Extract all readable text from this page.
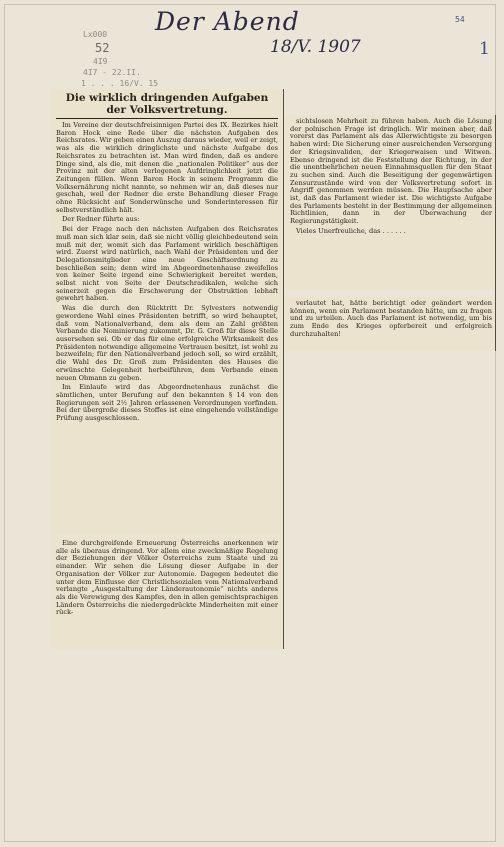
Der Abend
18/V. 1907
Lx000
52
4I9
4I7 - 22.II.
1 . . . 16/V. 15
54
1
Die wirklich dringenden Aufgaben der Volksvertretung.

Im Vereine der deutschfreisinnigen Partei des IX. Bezirkes hielt Baron Hock eine Rede über die nächsten Aufgaben des Reichsrates. Wir geben einen Auszug daraus wieder, weil er zeigt, was als die wirklich dringlichste und nächste Aufgabe des Reichsrates zu betrachten ist. Man wird finden, daß es andere Dinge sind, als die, mit denen die „nationalen Politiker“ aus der Provinz mit der alten verlogenen Aufdringlichkeit jetzt die Zeitungen füllen. Wenn Baron Hock in seinem Programm die Volksernährung nicht nannte, so nehmen wir an, daß dieses nur geschah, weil der Redner die erste Behandlung dieser Frage ohne Rücksicht auf Sonderwünsche und Sonderinteressen für selbstverständlich hält.

Der Redner führte aus:

Bei der Frage nach den nächsten Aufgaben des Reichsrates muß man sich klar sein, daß sie nicht völlig gleichbedeutend sein muß mit der, womit sich das Parlament wirklich beschäftigen wird. Zuerst wird natürlich, nach Wahl der Präsidenten und der Delegationsmitglieder eine neue Geschäftsordnung zu beschließen sein; denn wird im Abgeordnetenhause zweifellos von keiner Seite irgend eine Schwierigkeit bereitet werden, selbst nicht von Seite der Deutschradikalen, welche sich seinerzeit gegen die Erschwerung der Obstruktion lebhaft gewehrt haben.

Was die durch den Rücktritt Dr. Sylvesters notwendig gewordene Wahl eines Präsidenten betrifft, so wird behauptet, daß vom Nationalverband, dem als dem an Zahl größten Verbande die Nominierung zukommt, Dr. G. Groß für diese Stelle ausersehen sei. Ob er das für eine erfolgreiche Wirksamkeit des Präsidenten notwendige allgemeine Vertrauen besitzt, ist wohl zu bezweifeln; für den Nationalverband jedoch soll, so wird erzählt, die Wahl des Dr. Groß zum Präsidenten des Hauses die erwünschte Gelegenheit herbeiführen, dem Verbande einen neuen Obmann zu geben.

Im Einlaufe wird das Abgeordnetenhaus zunächst die sämtlichen, unter Berufung auf den bekannten § 14 von den Regierungen seit 2½ Jahren erlassenen Verordnungen vorfinden. Bei der übergroße dieses Stoffes ist eine eingehende vollständige Prüfung ausgeschlossen.

Eine durchgreifende Erneuerung Österreichs anerkennen wir alle als überaus dringend. Vor allem eine zweckmäßige Regelung der Beziehungen der Völker Österreichs zum Staate und zu einander. Wir sehen die Lösung dieser Aufgabe in der Organisation der Völker zur Autonomie. Dagegen bedeutet die unter dem Einflusse der Christlichsozialen vom Nationalverband verlangte „Ausgestaltung der Länderautonomie“ nichts anderes als die Verewigung des Kampfes, den in allen gemischtsprachigen Ländern Österreichs die niedergedrückte Minderheiten mit einer rück-

sichtslosen Mehrheit zu führen haben. Auch die Lösung der polnischen Frage ist dringlich. Wir meinen aber, daß vorerst das Parlament als das Allerwichtigste zu besorgen haben wird: Die Sicherung einer ausreichenden Versorgung der Kriegsinvaliden, der Kriegerwaisen und Witwen. Ebenso dringend ist die Feststellung der Richtung, in der die unentbehrlichen neuen Einnahmsquellen für den Staat zu suchen sind. Auch die Beseitigung der gegenwärtigen Zensurzustände wird von der Volksvertretung sofort in Angriff genommen werden müssen. Die Hauptsache aber ist, daß das Parlament wieder ist. Die wichtigste Aufgabe des Parlaments besteht in der Bestimmung der allgemeinen Richtlinien, dann in der Überwachung der Regierungstätigkeit.

Vieles Unerfreuliche, das . . . . . .

verlautet hat, hätte berichtigt oder geändert werden können, wenn ein Parlament bestanden hätte, um zu fragen und zu urteilen. Auch das Parlament ist notwendig, um bis zum Ende des Krieges opferbereit und erfolgreich durchzuhalten!
